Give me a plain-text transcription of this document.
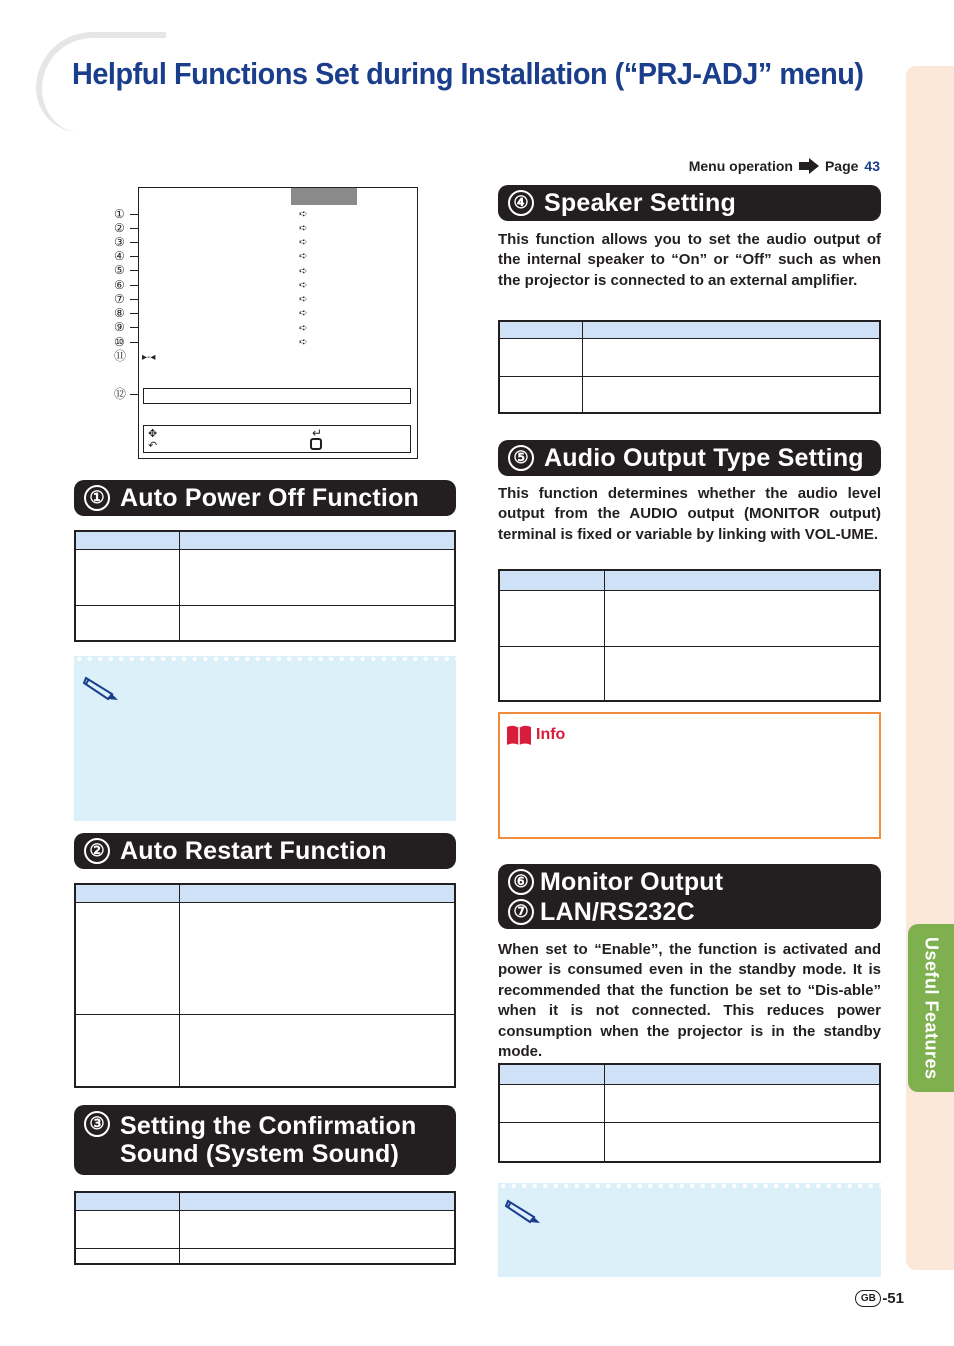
Helpful Functions Set during Installation (“PRJ-ADJ” menu)
Menu operation Page 43
Useful Features
①
②
③
④
⑤
⑥
⑦
⑧
⑨
⑩
⑪
⑫
➪
➪
➪
➪
➪
➪
➪
➪
➪
➪
▸‑◂
✥
↶
↵
① Auto Power Off Function
② Auto Restart Function
③ Setting the Confirmation
Sound (System Sound)
④ Speaker Setting

This function allows you to set the audio output of the internal speaker to “On” or “Off” such as when the projector is connected to an external amplifier.

⑤ Audio Output Type Setting

This function determines whether the audio level output from the AUDIO output (MONITOR output) terminal is fixed or variable by linking with VOL-UME.

Info
⑥ Monitor Output
⑦ LAN/RS232C

When set to “Enable”, the function is activated and power is consumed even in the standby mode. It is recommended that the function be set to “Dis-able” when it is not connected. This reduces power consumption when the projector is in the standby mode.

GB -51
